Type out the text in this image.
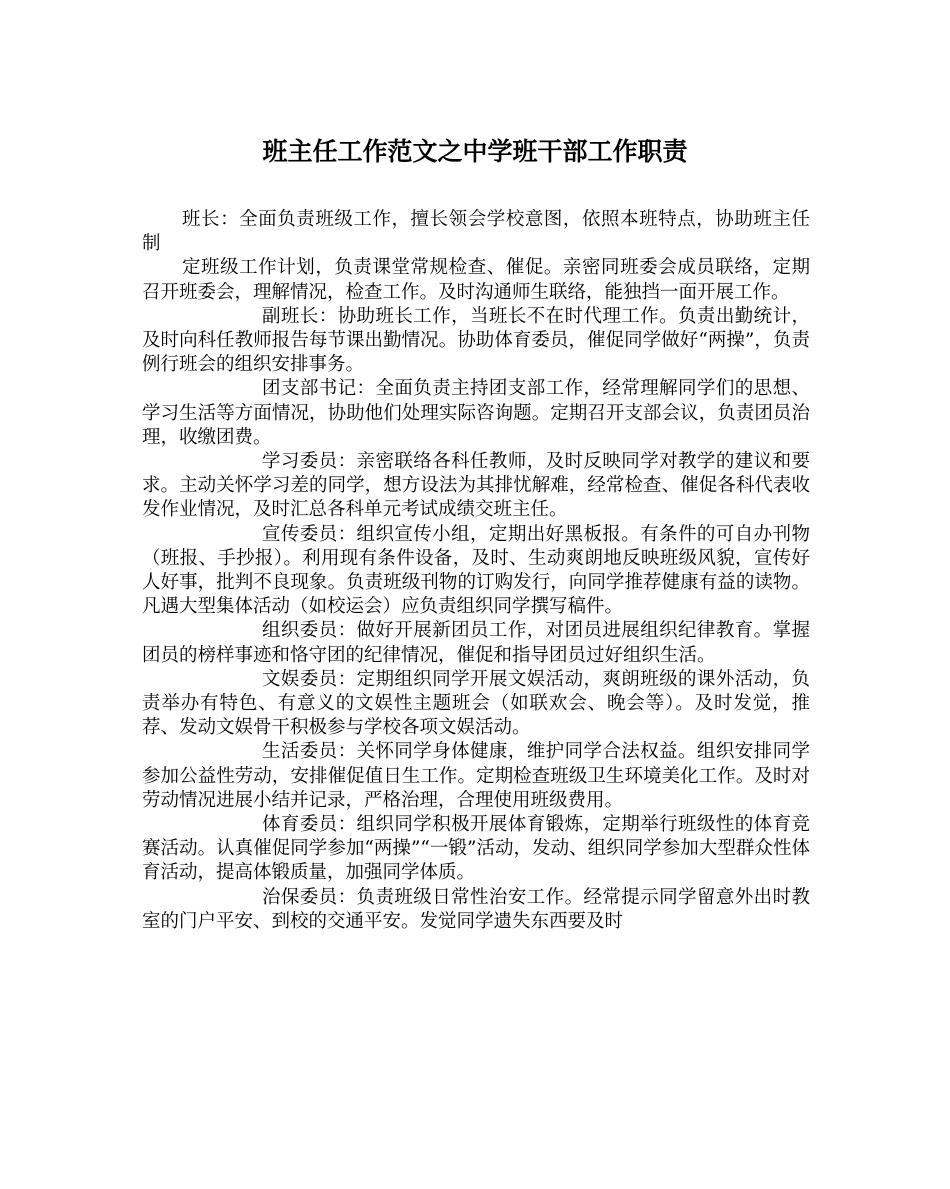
班主任工作范文之中学班干部工作职责

班长：全面负责班级工作，擅长领会学校意图，依照本班特点，协助班主任制

定班级工作计划，负责课堂常规检查、催促。亲密同班委会成员联络，定期召开班委会，理解情况，检查工作。及时沟通师生联络，能独挡一面开展工作。

副班长：协助班长工作，当班长不在时代理工作。负责出勤统计，及时向科任教师报告每节课出勤情况。协助体育委员，催促同学做好“两操”，负责例行班会的组织安排事务。

团支部书记：全面负责主持团支部工作，经常理解同学们的思想、学习生活等方面情况，协助他们处理实际咨询题。定期召开支部会议，负责团员治理，收缴团费。

学习委员：亲密联络各科任教师，及时反映同学对教学的建议和要求。主动关怀学习差的同学，想方设法为其排忧解难，经常检查、催促各科代表收发作业情况，及时汇总各科单元考试成绩交班主任。

宣传委员：组织宣传小组，定期出好黑板报。有条件的可自办刊物（班报、手抄报）。利用现有条件设备，及时、生动爽朗地反映班级风貌，宣传好人好事，批判不良现象。负责班级刊物的订购发行，向同学推荐健康有益的读物。凡遇大型集体活动（如校运会）应负责组织同学撰写稿件。

组织委员：做好开展新团员工作，对团员进展组织纪律教育。掌握团员的榜样事迹和恪守团的纪律情况，催促和指导团员过好组织生活。

文娱委员：定期组织同学开展文娱活动，爽朗班级的课外活动，负责举办有特色、有意义的文娱性主题班会（如联欢会、晚会等）。及时发觉，推荐、发动文娱骨干积极参与学校各项文娱活动。

生活委员：关怀同学身体健康，维护同学合法权益。组织安排同学参加公益性劳动，安排催促值日生工作。定期检查班级卫生环境美化工作。及时对劳动情况进展小结并记录，严格治理，合理使用班级费用。

体育委员：组织同学积极开展体育锻炼，定期举行班级性的体育竞赛活动。认真催促同学参加“两操”“一锻”活动，发动、组织同学参加大型群众性体育活动，提高体锻质量，加强同学体质。

治保委员：负责班级日常性治安工作。经常提示同学留意外出时教室的门户平安、到校的交通平安。发觉同学遗失东西要及时
